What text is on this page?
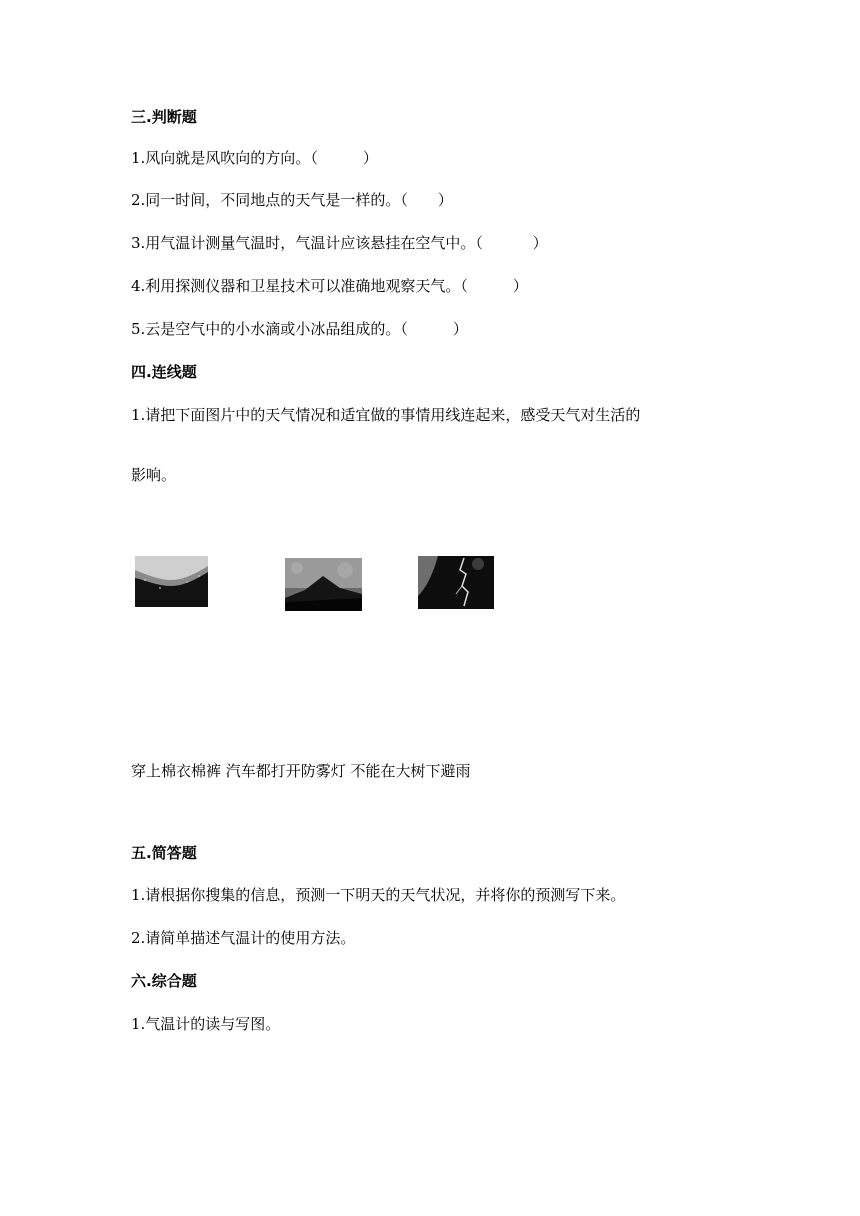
三.判断题
1.风向就是风吹向的方向。（　　　）
2.同一时间，不同地点的天气是一样的。（　　）
3.用气温计测量气温时，气温计应该悬挂在空气中。（　　　 ）
4.利用探测仪器和卫星技术可以准确地观察天气。（　　　）
5.云是空气中的小水滴或小冰品组成的。（　　　）
四.连线题
1.请把下面图片中的天气情况和适宜做的事情用线连起来，感受天气对生活的
影响。
穿上棉衣棉裤 汽车都打开防雾灯 不能在大树下避雨
五.简答题
1.请根据你搜集的信息，预测一下明天的天气状况，并将你的预测写下来。
2.请简单描述气温计的使用方法。
六.综合题
1.气温计的读与写图。
